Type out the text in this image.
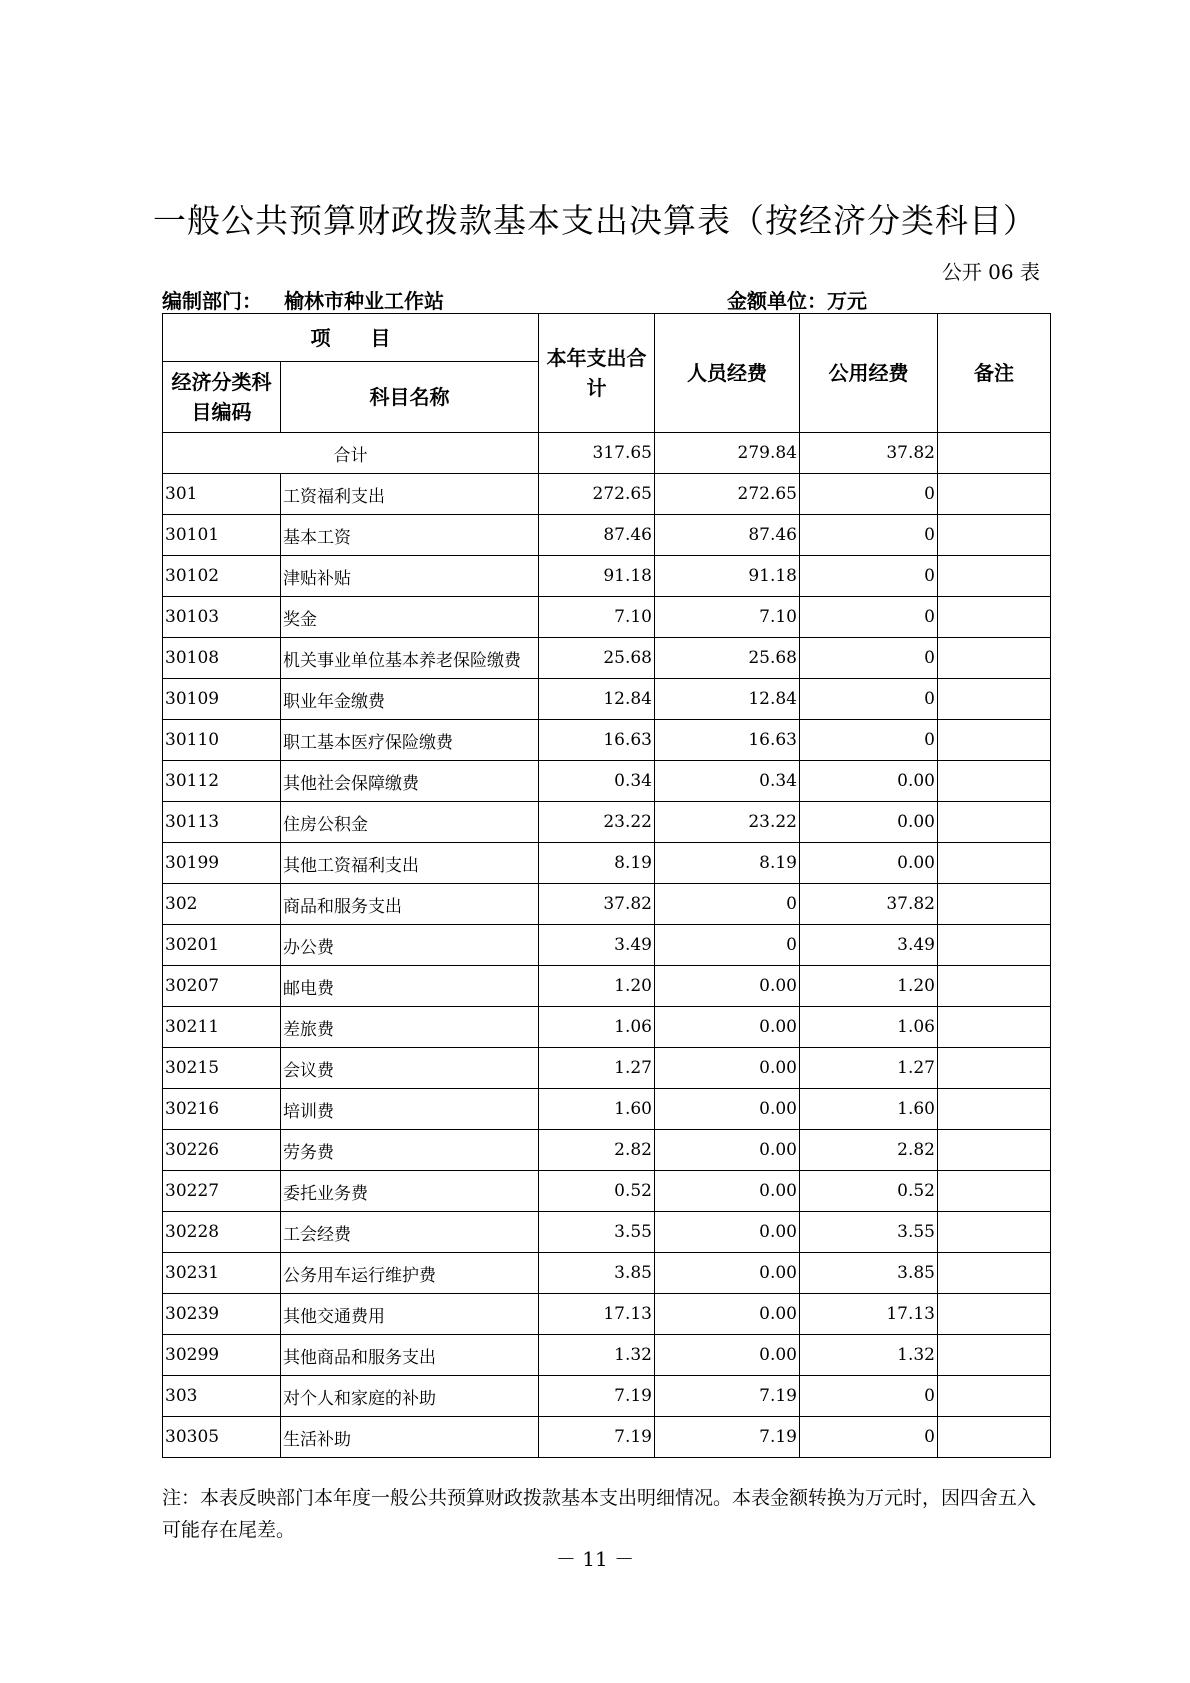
一般公共预算财政拨款基本支出决算表（按经济分类科目）
公开 06 表
编制部门： 榆林市种业工作站	金额单位：万元
项　　目		本年支出合计	人员经费	公用经费	备注
经济分类科目编码	科目名称				
合计		317.65	279.84	37.82	
301	工资福利支出	272.65	272.65	0	
30101	基本工资	87.46	87.46	0	
30102	津贴补贴	91.18	91.18	0	
30103	奖金	7.10	7.10	0	
30108	机关事业单位基本养老保险缴费	25.68	25.68	0	
30109	职业年金缴费	12.84	12.84	0	
30110	职工基本医疗保险缴费	16.63	16.63	0	
30112	其他社会保障缴费	0.34	0.34	0.00	
30113	住房公积金	23.22	23.22	0.00	
30199	其他工资福利支出	8.19	8.19	0.00	
302	商品和服务支出	37.82	0	37.82	
30201	办公费	3.49	0	3.49	
30207	邮电费	1.20	0.00	1.20	
30211	差旅费	1.06	0.00	1.06	
30215	会议费	1.27	0.00	1.27	
30216	培训费	1.60	0.00	1.60	
30226	劳务费	2.82	0.00	2.82	
30227	委托业务费	0.52	0.00	0.52	
30228	工会经费	3.55	0.00	3.55	
30231	公务用车运行维护费	3.85	0.00	3.85	
30239	其他交通费用	17.13	0.00	17.13	
30299	其他商品和服务支出	1.32	0.00	1.32	
303	对个人和家庭的补助	7.19	7.19	0	
30305	生活补助	7.19	7.19	0	
注：本表反映部门本年度一般公共预算财政拨款基本支出明细情况。本表金额转换为万元时，因四舍五入可能存在尾差。
－ 11 －
